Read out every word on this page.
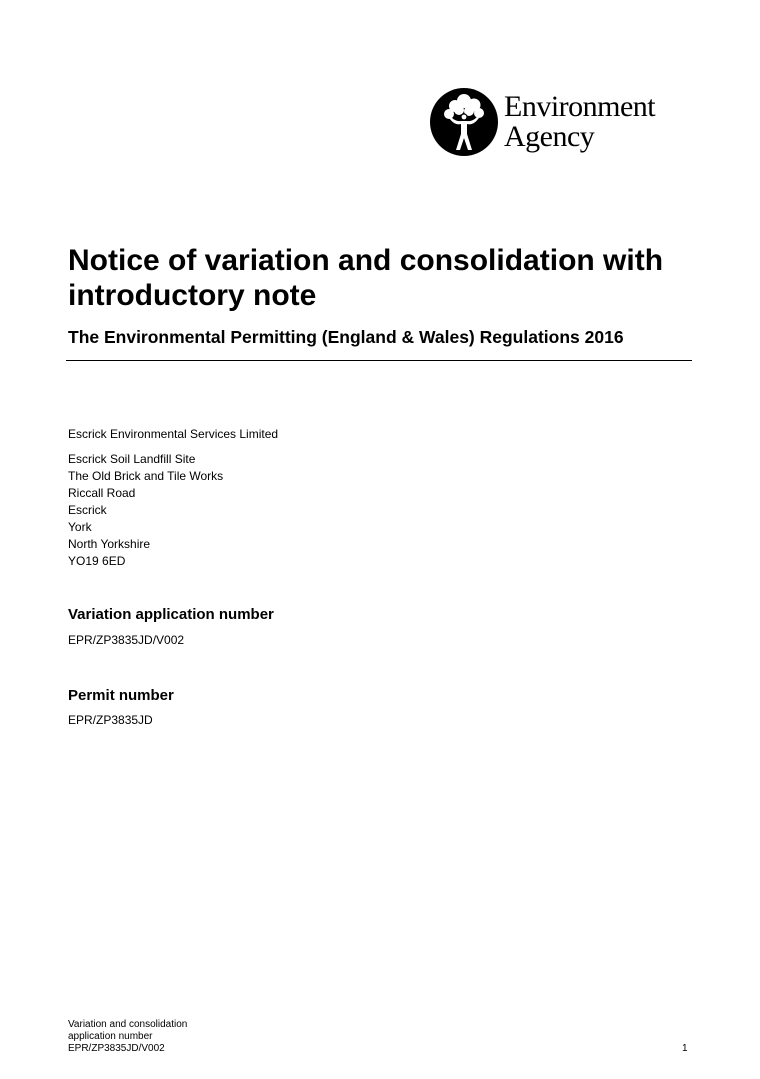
Environment
Agency
Notice of variation and consolidation with introductory note
The Environmental Permitting (England & Wales) Regulations 2016
Escrick Environmental Services Limited
Escrick Soil Landfill Site
The Old Brick and Tile Works
Riccall Road
Escrick
York
North Yorkshire
YO19 6ED
Variation application number
EPR/ZP3835JD/V002
Permit number
EPR/ZP3835JD
Variation and consolidation
application number
EPR/ZP3835JD/V002	1
